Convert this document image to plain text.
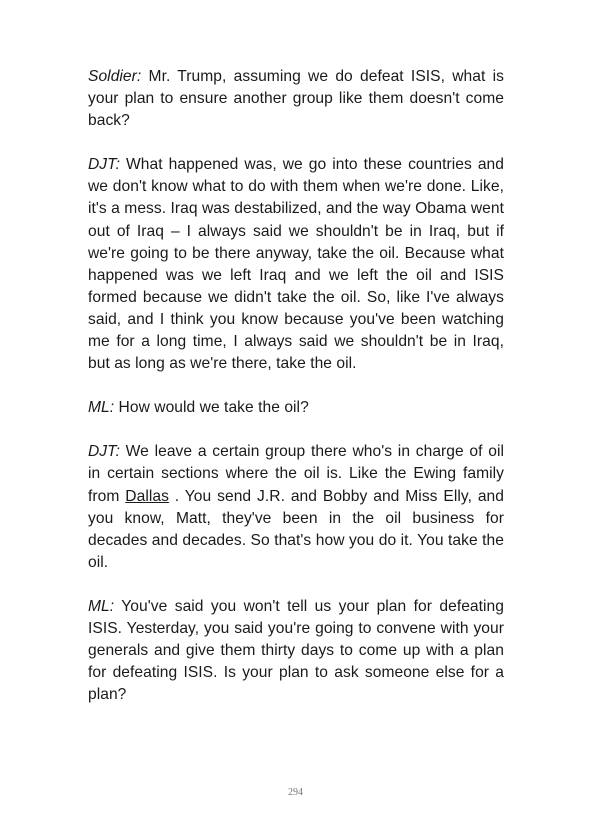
Soldier: Mr. Trump, assuming we do defeat ISIS, what is your plan to ensure another group like them doesn't come back?

DJT: What happened was, we go into these countries and we don't know what to do with them when we're done. Like, it's a mess. Iraq was destabilized, and the way Obama went out of Iraq – I always said we shouldn't be in Iraq, but if we're going to be there anyway, take the oil. Because what happened was we left Iraq and we left the oil and ISIS formed because we didn't take the oil. So, like I've always said, and I think you know because you've been watching me for a long time, I always said we shouldn't be in Iraq, but as long as we're there, take the oil.

ML: How would we take the oil?

DJT: We leave a certain group there who's in charge of oil in certain sections where the oil is. Like the Ewing family from Dallas . You send J.R. and Bobby and Miss Elly, and you know, Matt, they've been in the oil business for decades and decades. So that's how you do it. You take the oil.

ML: You've said you won't tell us your plan for defeating ISIS. Yesterday, you said you're going to convene with your generals and give them thirty days to come up with a plan for defeating ISIS. Is your plan to ask someone else for a plan?

294
